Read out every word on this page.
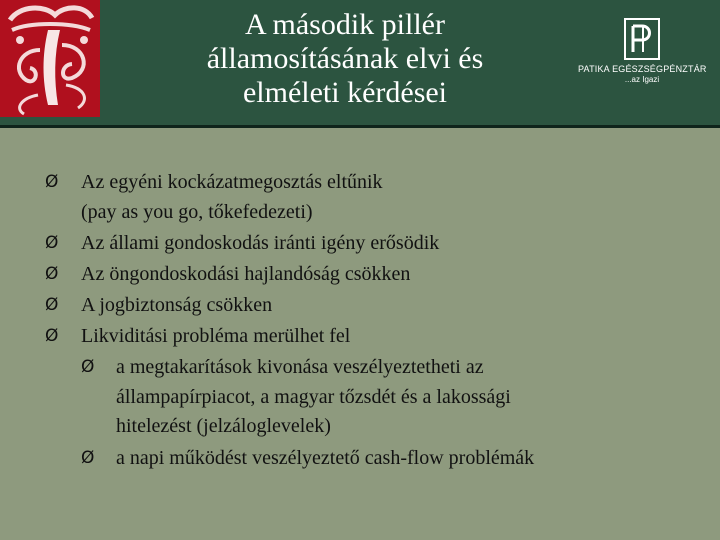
A második pillér
államosításának elvi és
elméleti kérdései
PATIKA EGÉSZSÉGPÉNZTÁR
...az Igazi
Ø Az egyéni kockázatmegosztás eltűnik
(pay as you go, tőkefedezeti)
Ø Az állami gondoskodás iránti igény erősödik
Ø Az öngondoskodási hajlandóság csökken
Ø A jogbiztonság csökken
Ø Likviditási probléma merülhet fel
Ø a megtakarítások kivonása veszélyeztetheti az
állampapírpiacot, a magyar tőzsdét és a lakossági
hitelezést (jelzáloglevelek)
Ø a napi működést veszélyeztető cash-flow problémák
